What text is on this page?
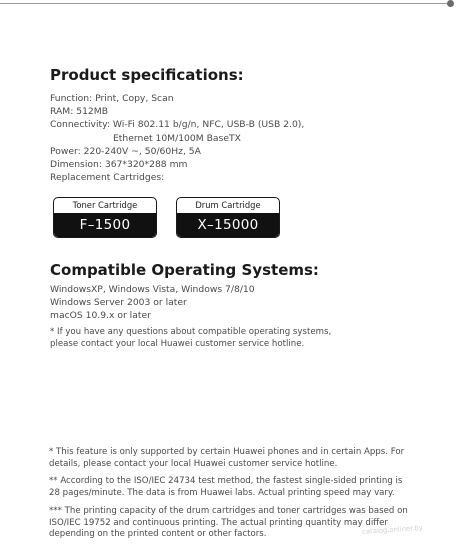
Product specifications:
Function: Print, Copy, Scan
RAM: 512MB
Connectivity: Wi-Fi 802.11 b/g/n, NFC, USB-B (USB 2.0),
Ethernet 10M/100M BaseTX
Power: 220-240V ~, 50/60Hz, 5A
Dimension: 367*320*288 mm
Replacement Cartridges:
Toner Cartridge
F–1500
Drum Cartridge
X–15000
Compatible Operating Systems:
WindowsXP, Windows Vista, Windows 7/8/10
Windows Server 2003 or later
macOS 10.9.x or later

* If you have any questions about compatible operating systems,
please contact your local Huawei customer service hotline.

* This feature is only supported by certain Huawei phones and in certain Apps. For
details, please contact your local Huawei customer service hotline.

** According to the ISO/IEC 24734 test method, the fastest single-sided printing is
28 pages/minute. The data is from Huawei labs. Actual printing speed may vary.

*** The printing capacity of the drum cartridges and toner cartridges was based on
ISO/IEC 19752 and continuous printing. The actual printing quantity may differ
depending on the printed content or other factors.	catalog.onliner.by
